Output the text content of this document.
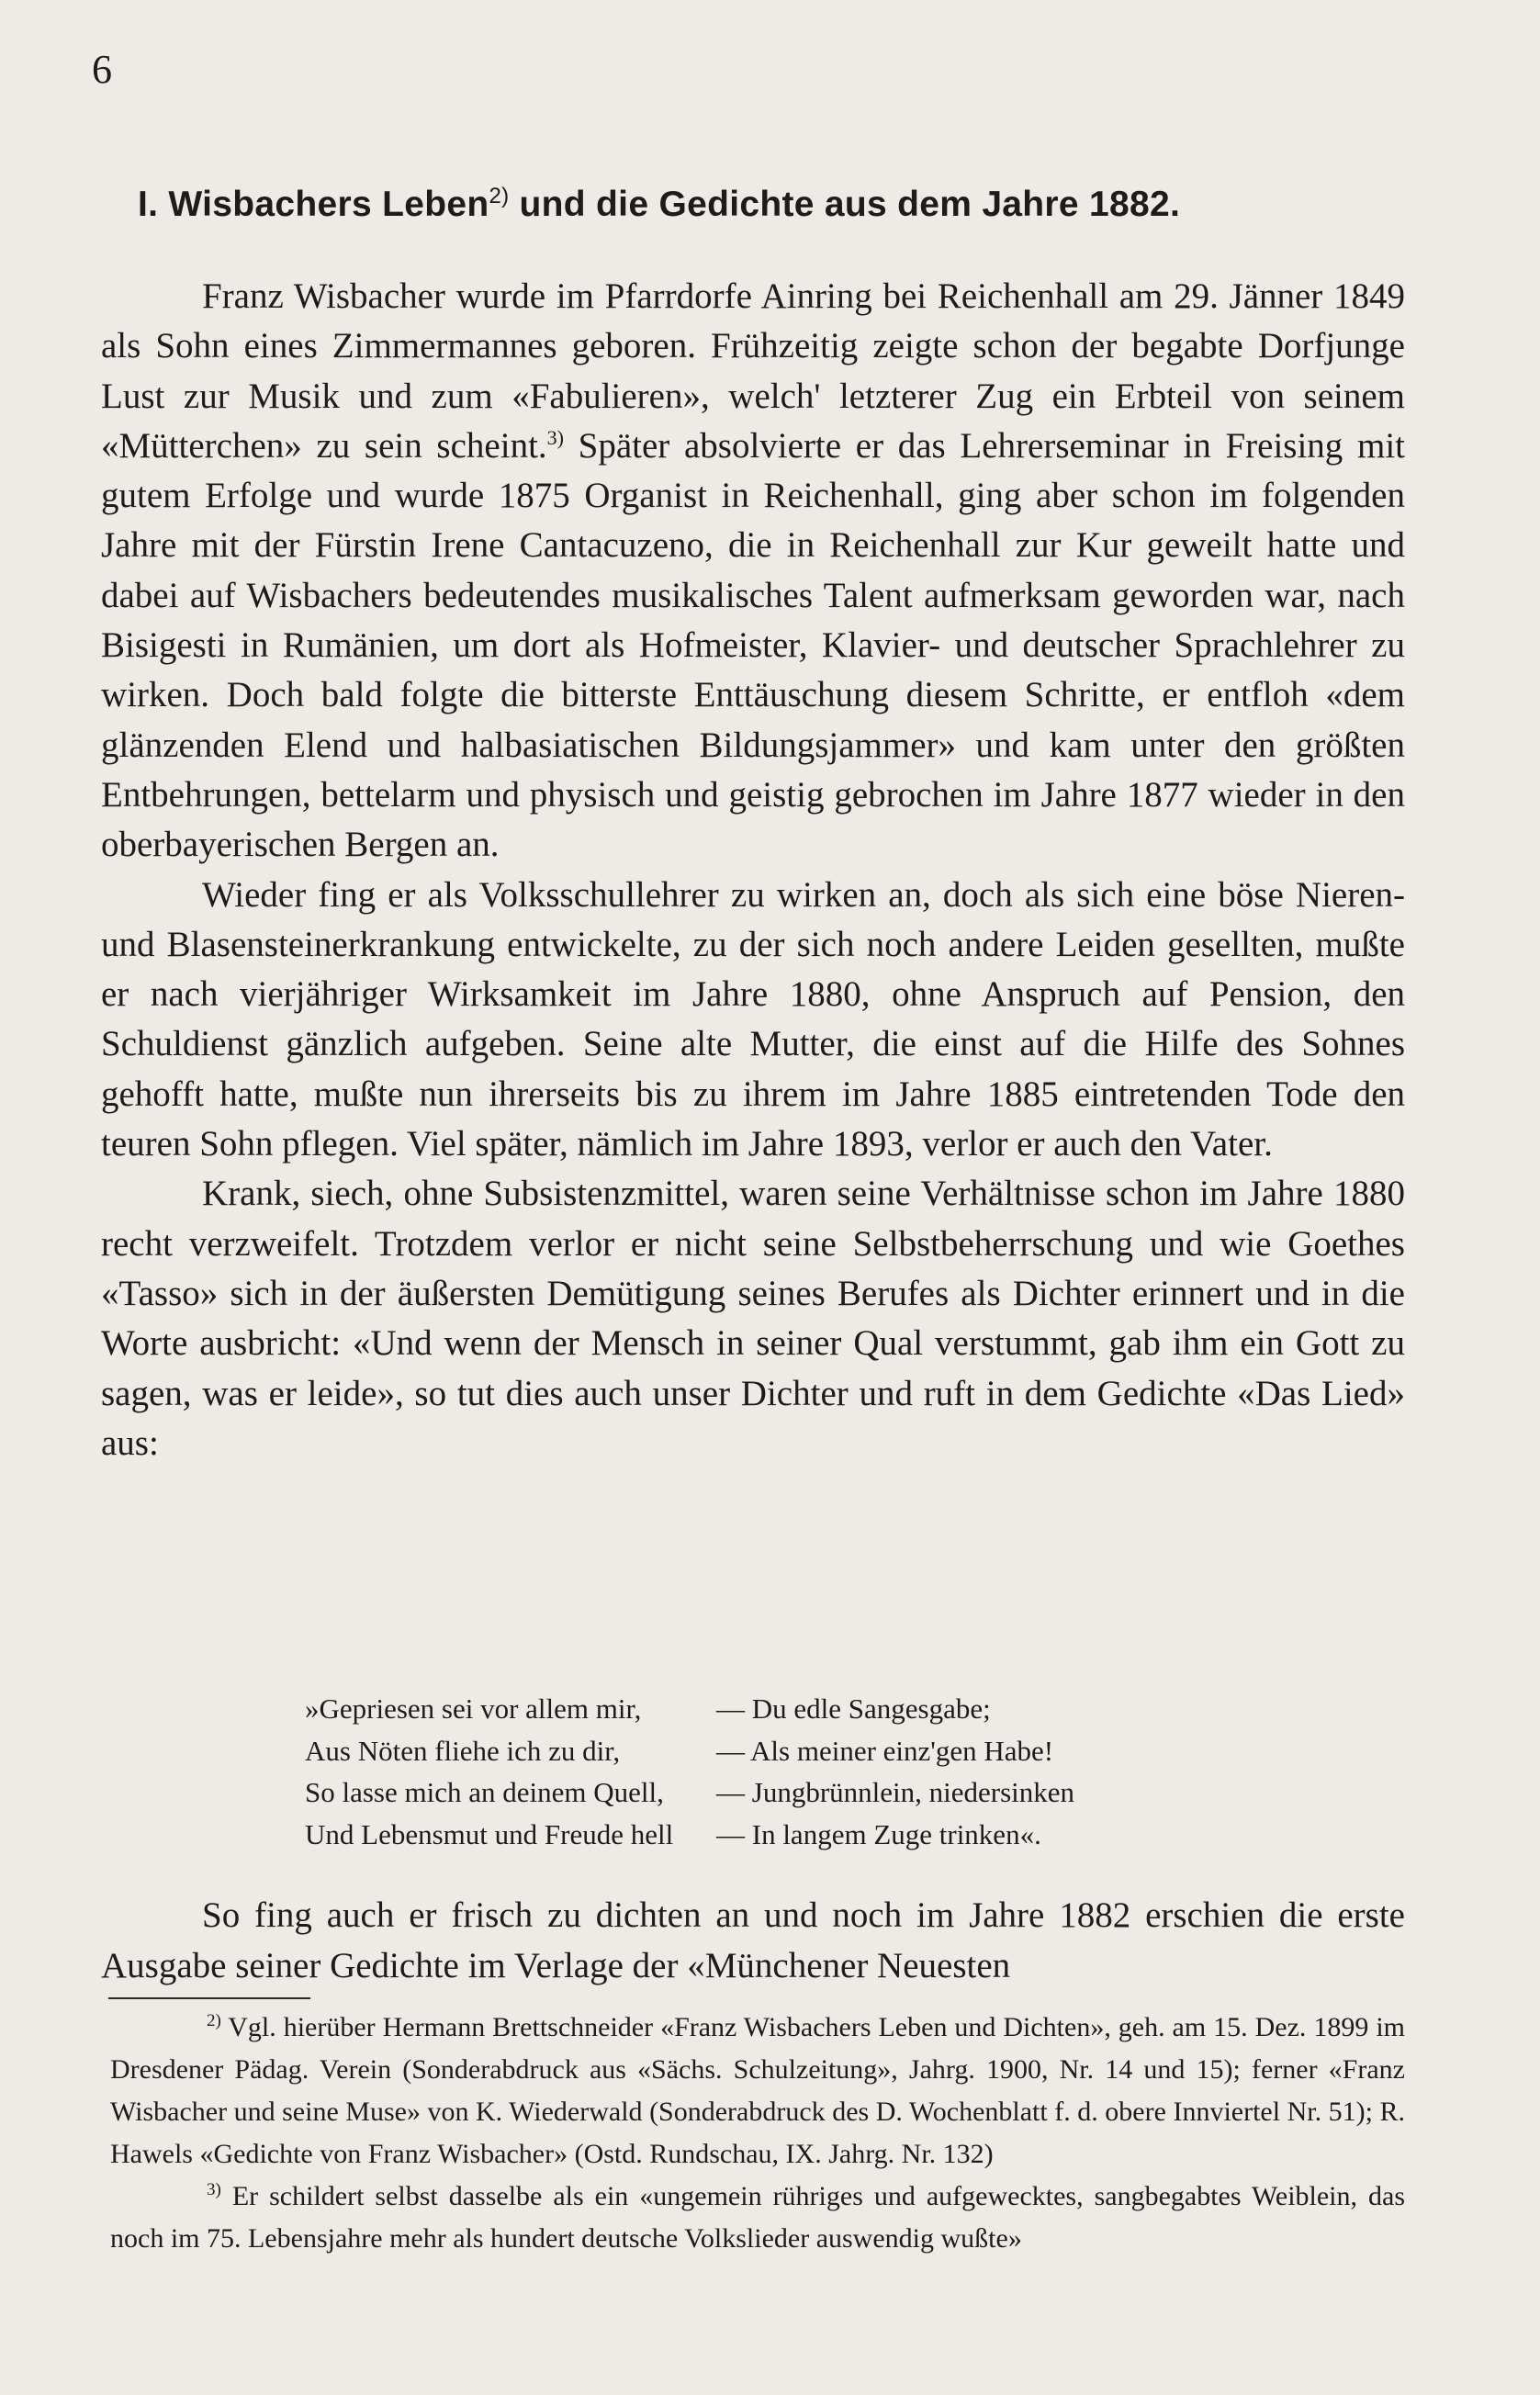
6
I. Wisbachers Leben$^{2)}$ und die Gedichte aus dem Jahre 1882.

Franz Wisbacher wurde im Pfarrdorfe Ainring bei Reichenhall am 29. Jänner 1849 als Sohn eines Zimmermannes geboren. Frühzeitig zeigte schon der begabte Dorfjunge Lust zur Musik und zum «Fabulieren», welch' letzterer Zug ein Erbteil von seinem «Mütterchen» zu sein scheint.$^{3)}$ Später absolvierte er das Lehrerseminar in Freising mit gutem Erfolge und wurde 1875 Organist in Reichenhall, ging aber schon im folgenden Jahre mit der Fürstin Irene Cantacuzeno, die in Reichenhall zur Kur geweilt hatte und dabei auf Wisbachers bedeutendes musikalisches Talent aufmerksam geworden war, nach Bisigesti in Rumänien, um dort als Hofmeister, Klavier- und deutscher Sprachlehrer zu wirken. Doch bald folgte die bitterste Enttäuschung diesem Schritte, er entfloh «dem glänzenden Elend und halbasiatischen Bildungsjammer» und kam unter den größten Entbehrungen, bettelarm und physisch und geistig gebrochen im Jahre 1877 wieder in den oberbayerischen Bergen an.

Wieder fing er als Volksschullehrer zu wirken an, doch als sich eine böse Nieren- und Blasensteinerkrankung entwickelte, zu der sich noch andere Leiden gesellten, mußte er nach vierjähriger Wirksamkeit im Jahre 1880, ohne Anspruch auf Pension, den Schuldienst gänzlich aufgeben. Seine alte Mutter, die einst auf die Hilfe des Sohnes gehofft hatte, mußte nun ihrerseits bis zu ihrem im Jahre 1885 eintretenden Tode den teuren Sohn pflegen. Viel später, nämlich im Jahre 1893, verlor er auch den Vater.

Krank, siech, ohne Subsistenzmittel, waren seine Verhältnisse schon im Jahre 1880 recht verzweifelt. Trotzdem verlor er nicht seine Selbstbeherrschung und wie Goethes «Tasso» sich in der äußersten Demütigung seines Berufes als Dichter erinnert und in die Worte ausbricht: «Und wenn der Mensch in seiner Qual verstummt, gab ihm ein Gott zu sagen, was er leide», so tut dies auch unser Dichter und ruft in dem Gedichte «Das Lied» aus:

»Gepriesen sei vor allem mir,	— Du edle Sangesgabe;
Aus Nöten fliehe ich zu dir,	— Als meiner einz'gen Habe!
So lasse mich an deinem Quell,	— Jungbrünnlein, niedersinken
Und Lebensmut und Freude hell	— In langem Zuge trinken«.

So fing auch er frisch zu dichten an und noch im Jahre 1882 erschien die erste Ausgabe seiner Gedichte im Verlage der «Münchener Neuesten

$^{2)}$ Vgl. hierüber Hermann Brettschneider «Franz Wisbachers Leben und Dichten», geh. am 15. Dez. 1899 im Dresdener Pädag. Verein (Sonderabdruck aus «Sächs. Schulzeitung», Jahrg. 1900, Nr. 14 und 15); ferner «Franz Wisbacher und seine Muse» von K. Wiederwald (Sonderabdruck des D. Wochenblatt f. d. obere Innviertel Nr. 51); R. Hawels «Gedichte von Franz Wisbacher» (Ostd. Rundschau, IX. Jahrg. Nr. 132)

$^{3)}$ Er schildert selbst dasselbe als ein «ungemein rühriges und aufgewecktes, sangbegabtes Weiblein, das noch im 75. Lebensjahre mehr als hundert deutsche Volkslieder auswendig wußte»
